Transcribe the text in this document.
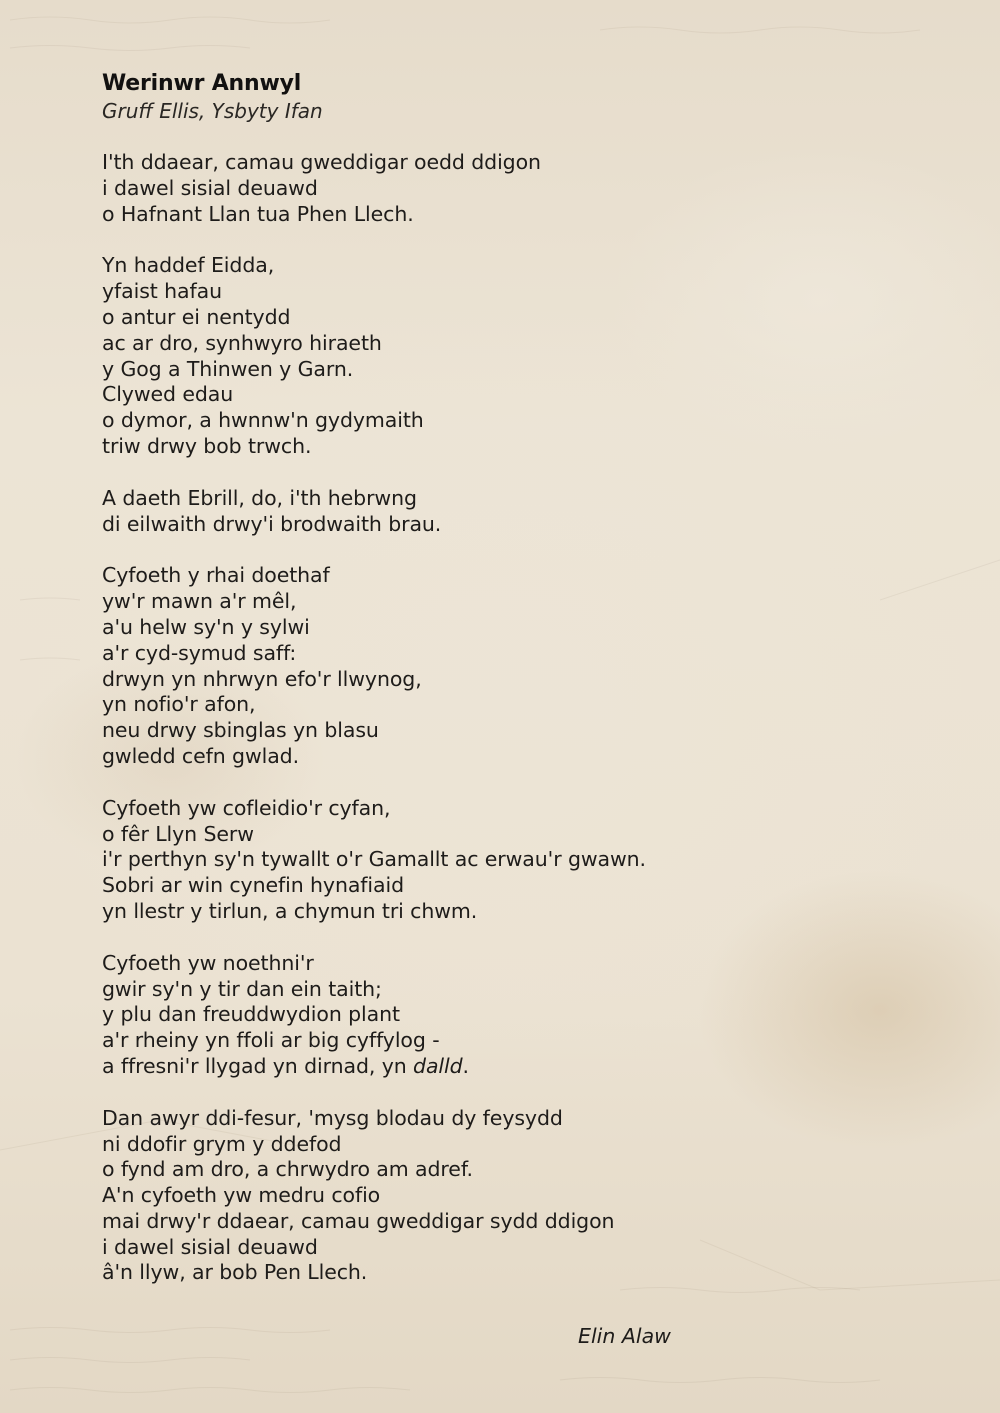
Werinwr Annwyl

Gruff Ellis, Ysbyty Ifan

I'th ddaear, camau gweddigar oedd ddigon
i dawel sisial deuawd
o Hafnant Llan tua Phen Llech.
Yn haddef Eidda,
yfaist hafau
o antur ei nentydd
ac ar dro, synhwyro hiraeth
y Gog a Thinwen y Garn.
Clywed edau
o dymor, a hwnnw'n gydymaith
triw drwy bob trwch.
A daeth Ebrill, do, i'th hebrwng
di eilwaith drwy'i brodwaith brau.
Cyfoeth y rhai doethaf
yw'r mawn a'r mêl,
a'u helw sy'n y sylwi
a'r cyd-symud saff:
drwyn yn nhrwyn efo'r llwynog,
yn nofio'r afon,
neu drwy sbinglas yn blasu
gwledd cefn gwlad.
Cyfoeth yw cofleidio'r cyfan,
o fêr Llyn Serw
i'r perthyn sy'n tywallt o'r Gamallt ac erwau'r gwawn.
Sobri ar win cynefin hynafiaid
yn llestr y tirlun, a chymun tri chwm.
Cyfoeth yw noethni'r
gwir sy'n y tir dan ein taith;
y plu dan freuddwydion plant
a'r rheiny yn ffoli ar big cyffylog -
a ffresni'r llygad yn dirnad, yn dalld.
Dan awyr ddi-fesur, 'mysg blodau dy feysydd
ni ddofir grym y ddefod
o fynd am dro, a chrwydro am adref.
A'n cyfoeth yw medru cofio
mai drwy'r ddaear, camau gweddigar sydd ddigon
i dawel sisial deuawd
â'n llyw, ar bob Pen Llech.
Elin Alaw
